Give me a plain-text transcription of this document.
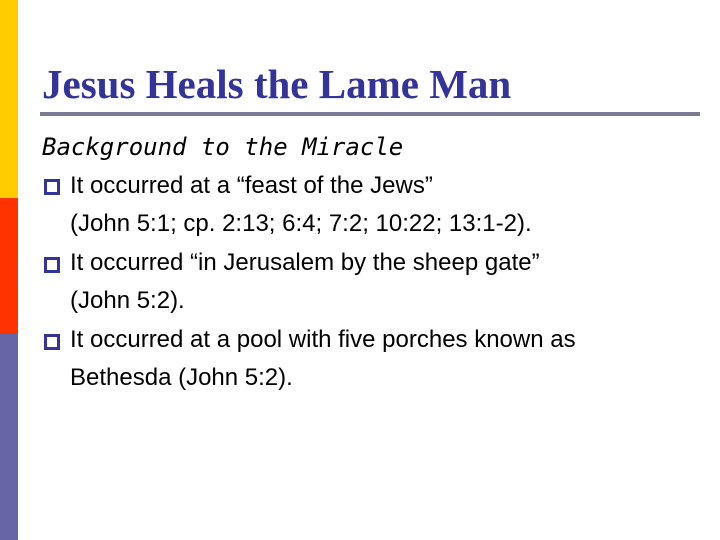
Jesus Heals the Lame Man
Background to the Miracle
It occurred at a “feast of the Jews”
(John 5:1; cp. 2:13; 6:4; 7:2; 10:22; 13:1-2).
It occurred “in Jerusalem by the sheep gate”
(John 5:2).
It occurred at a pool with five porches known as
Bethesda (John 5:2).
